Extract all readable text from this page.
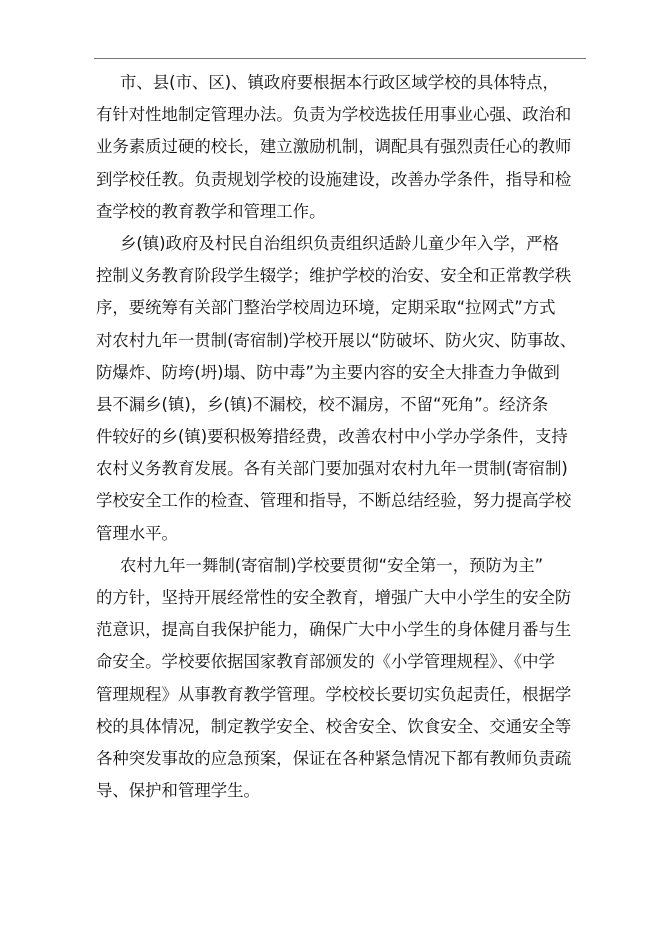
市、县(市、区)、镇政府要根据本行政区域学校的具体特点，
有针对性地制定管理办法。负责为学校选拔任用事业心强、政治和
业务素质过硬的校长，建立激励机制，调配具有强烈责任心的教师
到学校任教。负责规划学校的设施建设，改善办学条件，指导和检
查学校的教育教学和管理工作。
乡(镇)政府及村民自治组织负责组织适龄儿童少年入学，严格
控制义务教育阶段学生辍学；维护学校的治安、安全和正常教学秩
序，要统筹有关部门整治学校周边环境，定期采取“拉网式”方式
对农村九年一贯制(寄宿制)学校开展以“防破坏、防火灾、防事故、
防爆炸、防垮(坍)塌、防中毒”为主要内容的安全大排查力争做到
县不漏乡(镇)，乡(镇)不漏校，校不漏房，不留“死角”。经济条
件较好的乡(镇)要积极筹措经费，改善农村中小学办学条件，支持
农村义务教育发展。各有关部门要加强对农村九年一贯制(寄宿制)
学校安全工作的检查、管理和指导，不断总结经验，努力提高学校
管理水平。
农村九年一舞制(寄宿制)学校要贯彻“安全第一，预防为主”
的方针，坚持开展经常性的安全教育，增强广大中小学生的安全防
范意识，提高自我保护能力，确保广大中小学生的身体健月番与生
命安全。学校要依据国家教育部颁发的《小学管理规程》、《中学
管理规程》从事教育教学管理。学校校长要切实负起责任，根据学
校的具体情况，制定教学安全、校舍安全、饮食安全、交通安全等
各种突发事故的应急预案，保证在各种紧急情况下都有教师负责疏
导、保护和管理学生。
